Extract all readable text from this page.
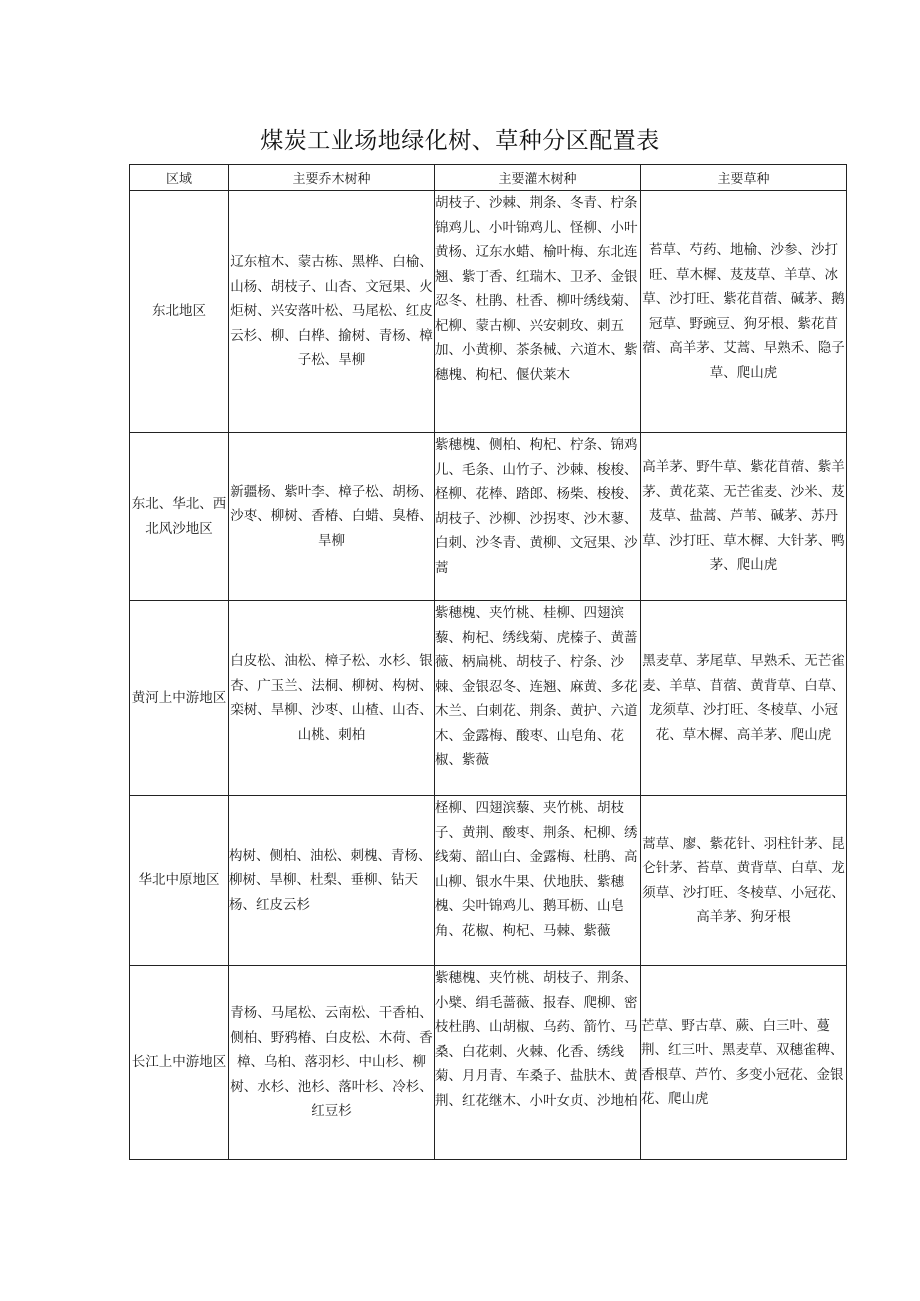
煤炭工业场地绿化树、草种分区配置表
区域	主要乔木树种	主要灌木树种	主要草种
东北地区	辽东椬木、蒙古栋、黑桦、白榆、山杨、胡枝子、山杏、文冠果、火炬树、兴安落叶松、马尾松、红皮云杉、柳、白桦、揄树、青杨、樟子松、旱柳	胡枝子、沙棘、荆条、冬青、柠条锦鸡儿、小叶锦鸡儿、怪柳、小叶黄杨、辽东水蜡、榆叶梅、东北连翘、紫丁香、红瑞木、卫矛、金银忍冬、杜鹃、杜香、柳叶绣线菊、杞柳、蒙古柳、兴安刺玫、刺五加、小黄柳、茶条械、六道木、紫穗槐、枸杞、偃伏莱木	苔草、芍药、地榆、沙参、沙打旺、草木樨、芨芨草、羊草、冰草、沙打旺、紫花苜蓿、碱茅、鹅冠草、野豌豆、狗牙根、紫花苜蓿、高羊茅、艾蒿、早熟禾、隐子草、爬山虎
东北、华北、西北风沙地区	新疆杨、紫叶李、樟子松、胡杨、沙枣、柳树、香椿、白蜡、臭椿、旱柳	紫穗槐、侧柏、枸杞、柠条、锦鸡儿、毛条、山竹子、沙棘、梭梭、柽柳、花棒、踏郎、杨柴、梭梭、胡枝子、沙柳、沙拐枣、沙木蓼、白刺、沙冬青、黄柳、文冠果、沙蒿	高羊茅、野牛草、紫花苜蓿、紫羊茅、黄花菜、无芒雀麦、沙米、芨芨草、盐蒿、芦苇、碱茅、苏丹草、沙打旺、草木樨、大针茅、鸭茅、爬山虎
黄河上中游地区	白皮松、油松、樟子松、水杉、银杏、广玉兰、法桐、柳树、构树、栾树、旱柳、沙枣、山楂、山杏、山桃、刺柏	紫穗槐、夹竹桃、桂柳、四翅滨藜、枸杞、绣线菊、虎榛子、黄蔷薇、柄扁桃、胡枝子、柠条、沙棘、金银忍冬、连翘、麻黄、多花木兰、白刺花、荆条、黄护、六道木、金露梅、酸枣、山皂角、花椒、紫薇	黑麦草、茅尾草、早熟禾、无芒雀麦、羊草、苜蓿、黄背草、白草、龙须草、沙打旺、冬棱草、小冠花、草木樨、高羊茅、爬山虎
华北中原地区	构树、侧柏、油松、刺槐、青杨、柳树、旱柳、杜梨、垂柳、钻天杨、红皮云杉	柽柳、四翅滨藜、夹竹桃、胡枝子、黄荆、酸枣、荆条、杞柳、绣线菊、韶山白、金露梅、杜鹃、高山柳、银水牛果、伏地肤、紫穗槐、尖叶锦鸡儿、鹅耳枥、山皂角、花椒、枸杞、马棘、紫薇	蒿草、廖、紫花针、羽柱针茅、昆仑针茅、苔草、黄背草、白草、龙须草、沙打旺、冬棱草、小冠花、高羊茅、狗牙根
长江上中游地区	青杨、马尾松、云南松、干香柏、侧柏、野鸦椿、白皮松、木荷、香樟、乌桕、落羽杉、中山杉、柳树、水杉、池杉、落叶杉、冷杉、红豆杉	紫穗槐、夹竹桃、胡枝子、荆条、小檗、绢毛蔷薇、报春、爬柳、密枝杜鹃、山胡椒、乌药、箭竹、马桑、白花刺、火棘、化香、绣线菊、月月青、车桑子、盐肤木、黄荆、红花继木、小叶女贞、沙地柏	芒草、野古草、蕨、白三叶、蔓荆、红三叶、黑麦草、双穗雀稗、香根草、芦竹、多变小冠花、金银花、爬山虎
